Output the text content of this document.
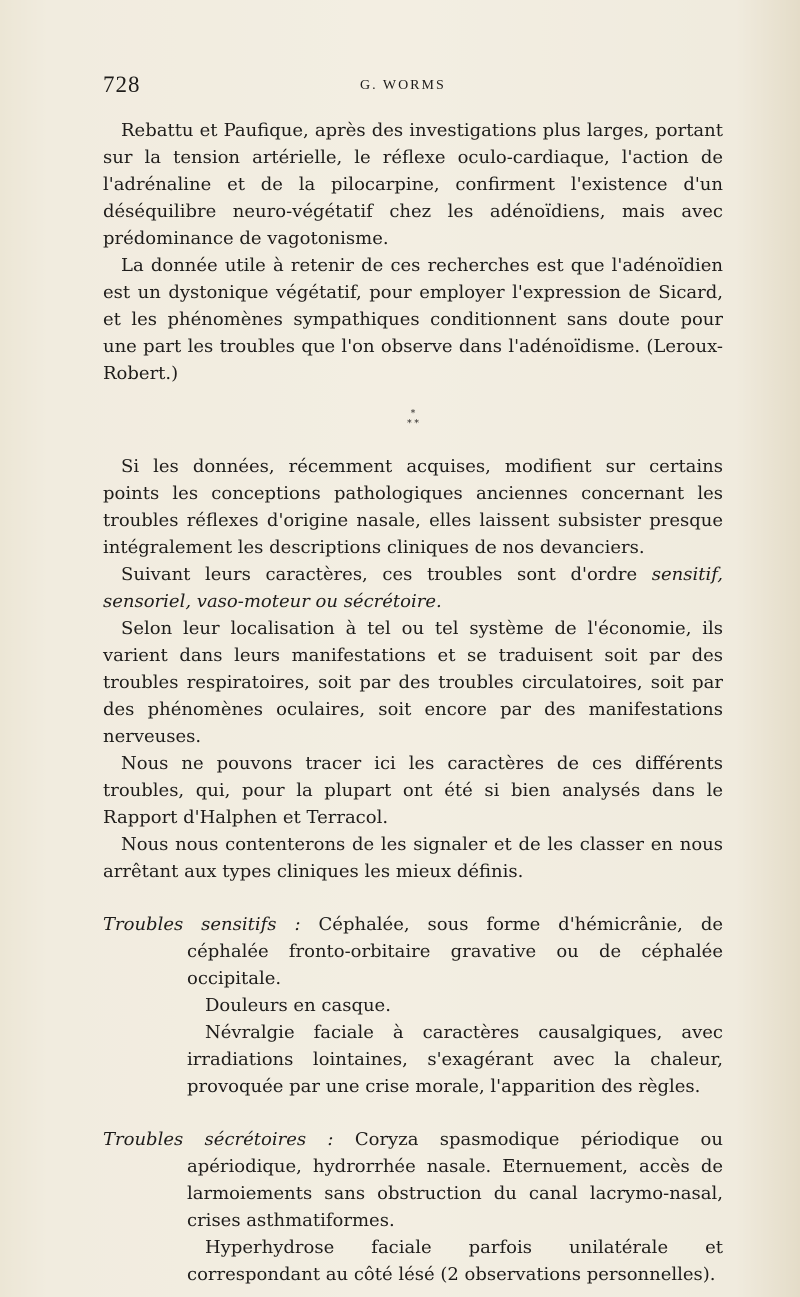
728	G. WORMS

Rebattu et Paufique, après des investigations plus larges, portant sur la tension artérielle, le réflexe oculo-cardiaque, l'action de l'adrénaline et de la pilocarpine, confirment l'existence d'un déséquilibre neuro-végétatif chez les adénoïdiens, mais avec prédominance de vagotonisme.

La donnée utile à retenir de ces recherches est que l'adénoïdien est un dystonique végétatif, pour employer l'expression de Sicard, et les phénomènes sympathiques conditionnent sans doute pour une part les troubles que l'on observe dans l'adénoïdisme. (Leroux-Robert.)

*
* *

Si les données, récemment acquises, modifient sur certains points les conceptions pathologiques anciennes concernant les troubles réflexes d'origine nasale, elles laissent subsister presque intégralement les descriptions cliniques de nos devanciers.

Suivant leurs caractères, ces troubles sont d'ordre sensitif, sensoriel, vaso-moteur ou sécrétoire.

Selon leur localisation à tel ou tel système de l'économie, ils varient dans leurs manifestations et se traduisent soit par des troubles respiratoires, soit par des troubles circulatoires, soit par des phénomènes oculaires, soit encore par des manifestations nerveuses.

Nous ne pouvons tracer ici les caractères de ces différents troubles, qui, pour la plupart ont été si bien analysés dans le Rapport d'Halphen et Terracol.

Nous nous contenterons de les signaler et de les classer en nous arrêtant aux types cliniques les mieux définis.

Troubles sensitifs : Céphalée, sous forme d'hémicrânie, de céphalée fronto-orbitaire gravative ou de céphalée occipitale.
Douleurs en casque.
Névralgie faciale à caractères causalgiques, avec irradiations lointaines, s'exagérant avec la chaleur, provoquée par une crise morale, l'apparition des règles.
Troubles sécrétoires : Coryza spasmodique périodique ou apériodique, hydrorrhée nasale. Eternuement, accès de larmoiements sans obstruction du canal lacrymo-nasal, crises asthmatiformes.
Hyperhydrose faciale parfois unilatérale et correspondant au côté lésé (2 observations personnelles).
